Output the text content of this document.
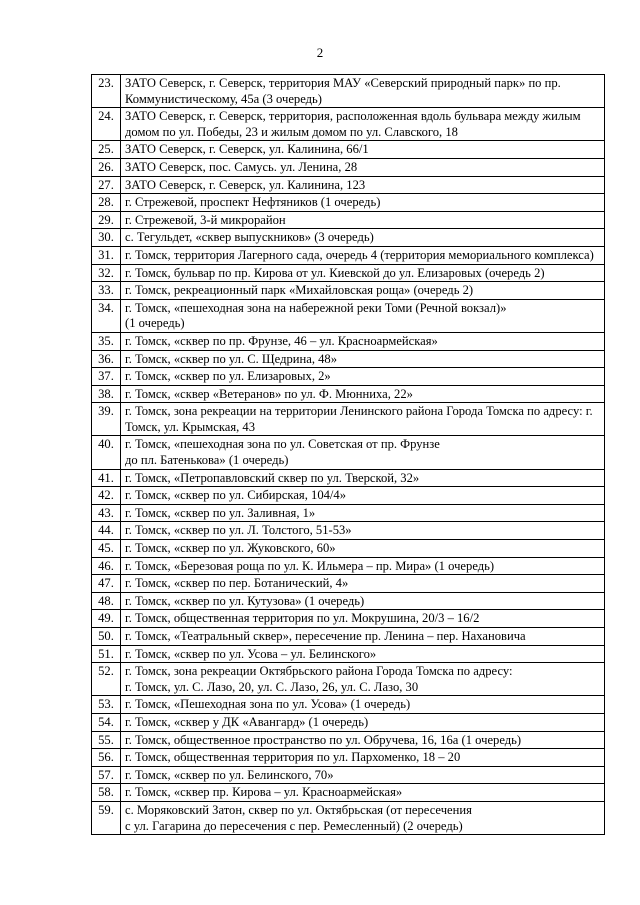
2
23.	ЗАТО Северск, г. Северск, территория МАУ «Северский природный парк» по пр. Коммунистическому, 45а (3 очередь)
24.	ЗАТО Северск, г. Северск, территория, расположенная вдоль бульвара между жилым домом по ул. Победы, 23 и жилым домом по ул. Славского, 18
25.	ЗАТО Северск, г. Северск, ул. Калинина, 66/1
26.	ЗАТО Северск, пос. Самусь. ул. Ленина, 28
27.	ЗАТО Северск, г. Северск, ул. Калинина, 123
28.	г. Стрежевой, проспект Нефтяников (1 очередь)
29.	г. Стрежевой, 3-й микрорайон
30.	с. Тегульдет, «сквер выпускников» (3 очередь)
31.	г. Томск, территория Лагерного сада, очередь 4 (территория мемориального комплекса)
32.	г. Томск, бульвар по пр. Кирова от ул. Киевской до ул. Елизаровых (очередь 2)
33.	г. Томск, рекреационный парк «Михайловская роща» (очередь 2)
34.	г. Томск, «пешеходная зона на набережной реки Томи (Речной вокзал)»
(1 очередь)
35.	г. Томск, «сквер по пр. Фрунзе, 46 – ул. Красноармейская»
36.	г. Томск, «сквер по ул. С. Щедрина, 48»
37.	г. Томск, «сквер по ул. Елизаровых, 2»
38.	г. Томск, «сквер «Ветеранов» по ул. Ф. Мюнниха, 22»
39.	г. Томск, зона рекреации на территории Ленинского района Города Томска по адресу: г. Томск, ул. Крымская, 43
40.	г. Томск, «пешеходная зона по ул. Советская от пр. Фрунзе
до пл. Батенькова» (1 очередь)
41.	г. Томск, «Петропавловский сквер по ул. Тверской, 32»
42.	г. Томск, «сквер по ул. Сибирская, 104/4»
43.	г. Томск, «сквер по ул. Заливная, 1»
44.	г. Томск, «сквер по ул. Л. Толстого, 51-53»
45.	г. Томск, «сквер по ул. Жуковского, 60»
46.	г. Томск, «Березовая роща по ул. К. Ильмера – пр. Мира» (1 очередь)
47.	г. Томск, «сквер по пер. Ботанический, 4»
48.	г. Томск, «сквер по ул. Кутузова» (1 очередь)
49.	г. Томск, общественная территория по ул. Мокрушина, 20/3 – 16/2
50.	г. Томск, «Театральный сквер», пересечение пр. Ленина – пер. Нахановича
51.	г. Томск, «сквер по ул. Усова – ул. Белинского»
52.	г. Томск, зона рекреации Октябрьского района Города Томска по адресу:
г. Томск, ул. С. Лазо, 20, ул. С. Лазо, 26, ул. С. Лазо, 30
53.	г. Томск, «Пешеходная зона по ул. Усова» (1 очередь)
54.	г. Томск, «сквер у ДК «Авангард» (1 очередь)
55.	г. Томск, общественное пространство по ул. Обручева, 16, 16а (1 очередь)
56.	г. Томск, общественная территория по ул. Пархоменко, 18 – 20
57.	г. Томск, «сквер по ул. Белинского, 70»
58.	г. Томск, «сквер пр. Кирова – ул. Красноармейская»
59.	с. Моряковский Затон, сквер по ул. Октябрьская (от пересечения
с ул. Гагарина до пересечения с пер. Ремесленный) (2 очередь)
